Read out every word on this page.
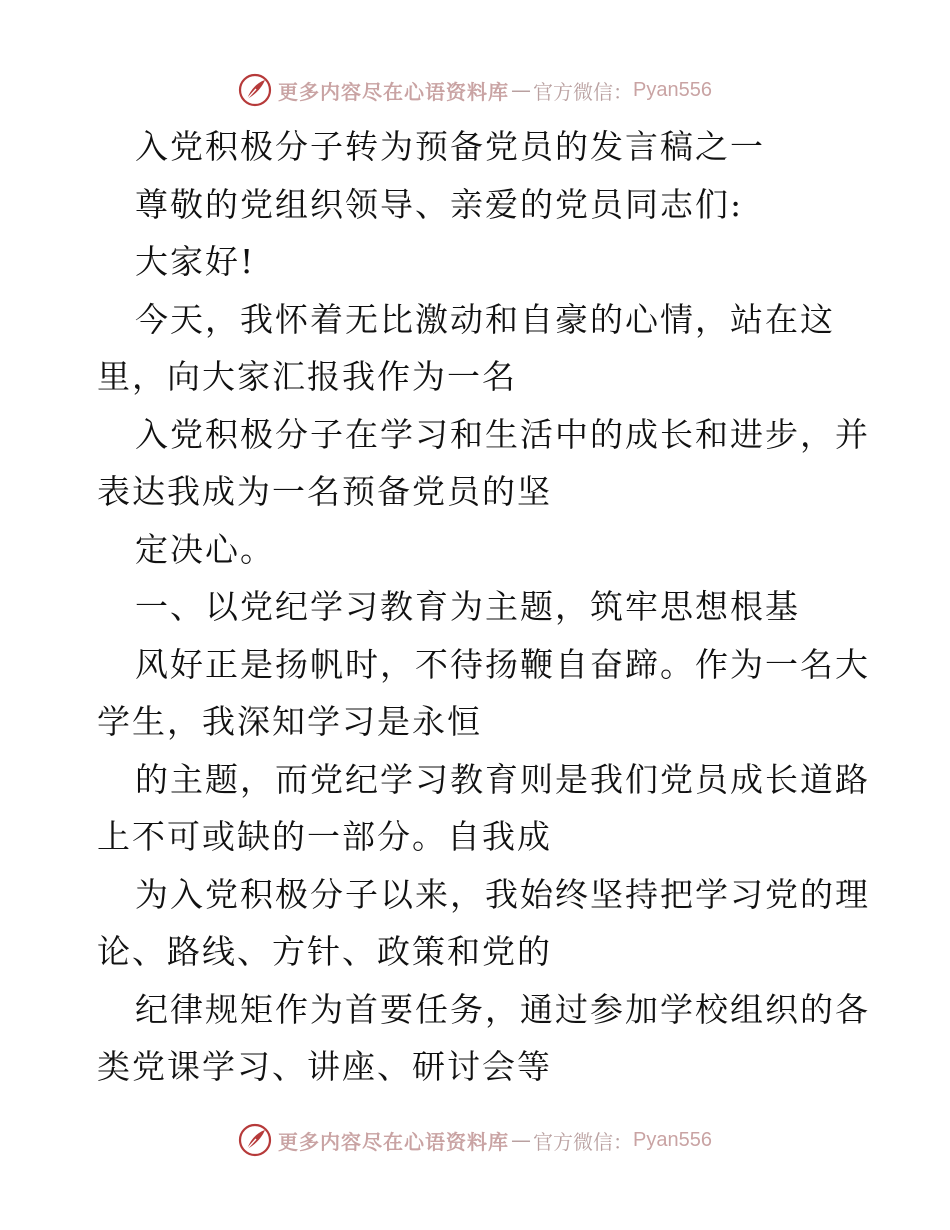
更多内容尽在心语资料库 — 官方微信： Pyan556
入党积极分子转为预备党员的发言稿之一
尊敬的党组织领导、亲爱的党员同志们:
大家好!
今天，我怀着无比激动和自豪的心情，站在这
里，向大家汇报我作为一名
入党积极分子在学习和生活中的成长和进步，并
表达我成为一名预备党员的坚
定决心。
一、以党纪学习教育为主题，筑牢思想根基
风好正是扬帆时，不待扬鞭自奋蹄。作为一名大
学生，我深知学习是永恒
的主题，而党纪学习教育则是我们党员成长道路
上不可或缺的一部分。自我成
为入党积极分子以来，我始终坚持把学习党的理
论、路线、方针、政策和党的
纪律规矩作为首要任务，通过参加学校组织的各
类党课学习、讲座、研讨会等
更多内容尽在心语资料库 — 官方微信： Pyan556
